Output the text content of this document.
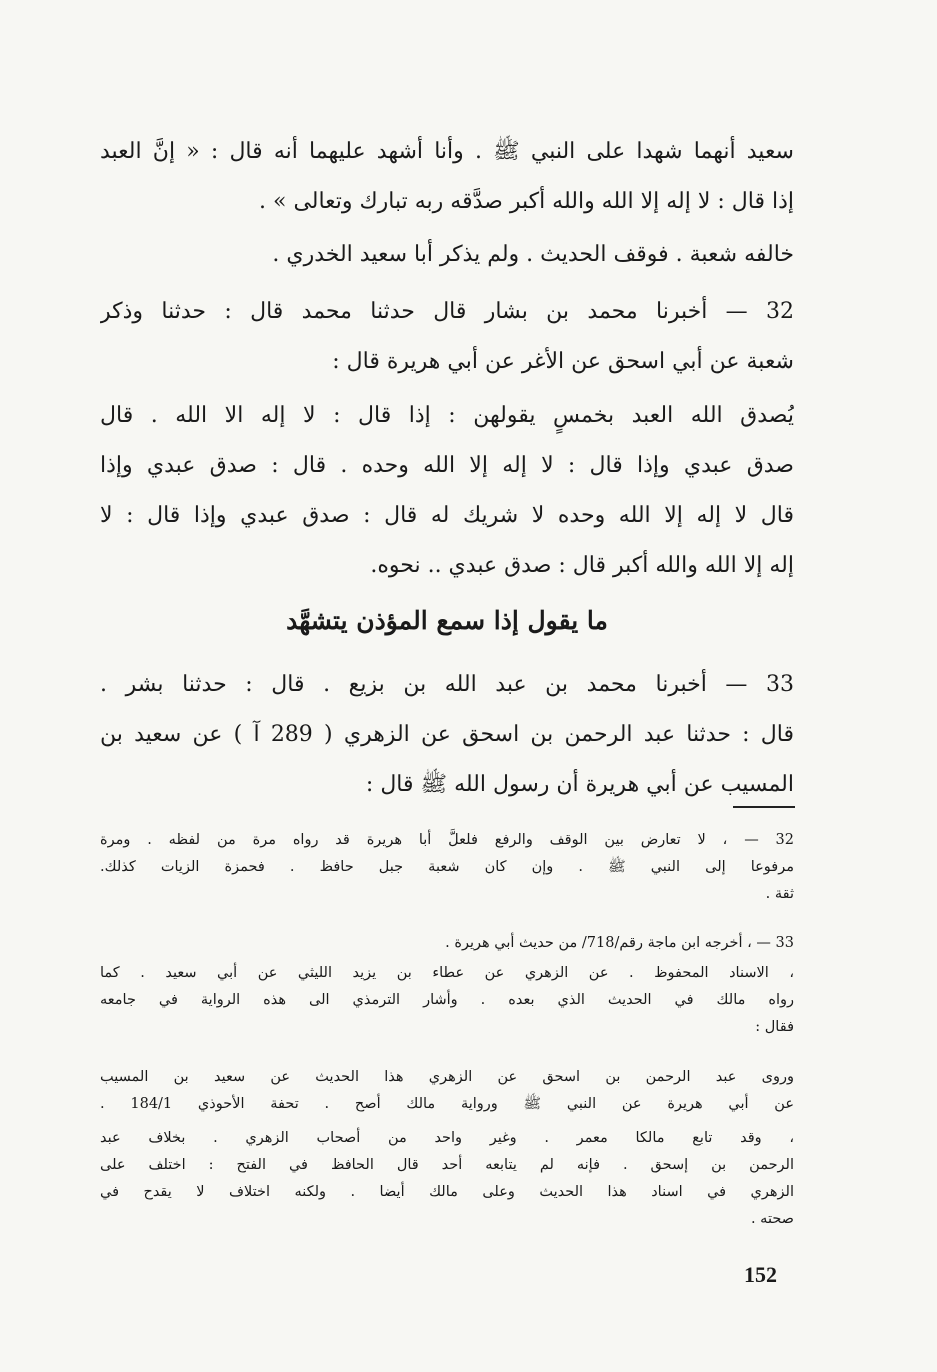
سعيد أنهما شهدا على النبي ﷺ . وأنا أشهد عليهما أنه قال : « إنَّ العبد
إذا قال : لا إله إلا الله والله أكبر صدَّقه ربه تبارك وتعالى » .
خالفه شعبة . فوقف الحديث . ولم يذكر أبا سعيد الخدري .
32 — أخبرنا محمد بن بشار قال حدثنا محمد قال : حدثنا وذكر
شعبة عن أبي اسحق عن الأغر عن أبي هريرة قال :
يُصدق الله العبد بخمسٍ يقولهن : إذا قال : لا إله الا الله . قال
صدق عبدي وإذا قال : لا إله إلا الله وحده . قال : صدق عبدي وإذا
قال لا إله إلا الله وحده لا شريك له قال : صدق عبدي وإذا قال : لا
إله إلا الله والله أكبر قال : صدق عبدي .. نحوه.
ما يقول إذا سمع المؤذن يتشهَّد
33 — أخبرنا محمد بن عبد الله بن بزيع . قال : حدثنا بشر .
قال : حدثنا عبد الرحمن بن اسحق عن الزهري ( 289 آ ) عن سعيد بن
المسيب عن أبي هريرة أن رسول الله ﷺ قال :
32 — ، لا تعارض بين الوقف والرفع فلعلَّ أبا هريرة قد رواه مرة من لفظه . ومرة
مرفوعا إلى النبي ﷺ . وإن كان شعبة جبل حافظ . فحمزة الزيات كذلك.
ثقة .
33 — ، أخرجه ابن ماجة رقم/718/ من حديث أبي هريرة .
، الاسناد المحفوظ . عن الزهري عن عطاء بن يزيد الليثي عن أبي سعيد . كما
رواه مالك في الحديث الذي بعده . وأشار الترمذي الى هذه الرواية في جامعه
فقال :
وروى عبد الرحمن بن اسحق عن الزهري هذا الحديث عن سعيد بن المسيب
عن أبي هريرة عن النبي ﷺ ورواية مالك أصح . تحفة الأحوذي 184/1 .
، وقد تابع مالكا معمر . وغير واحد من أصحاب الزهري . بخلاف عبد
الرحمن بن إسحق . فإنه لم يتابعه أحد قال الحافظ في الفتح : اختلف على
الزهري في اسناد هذا الحديث وعلى مالك أيضا . ولكنه اختلاف لا يقدح في
صحته .
152
